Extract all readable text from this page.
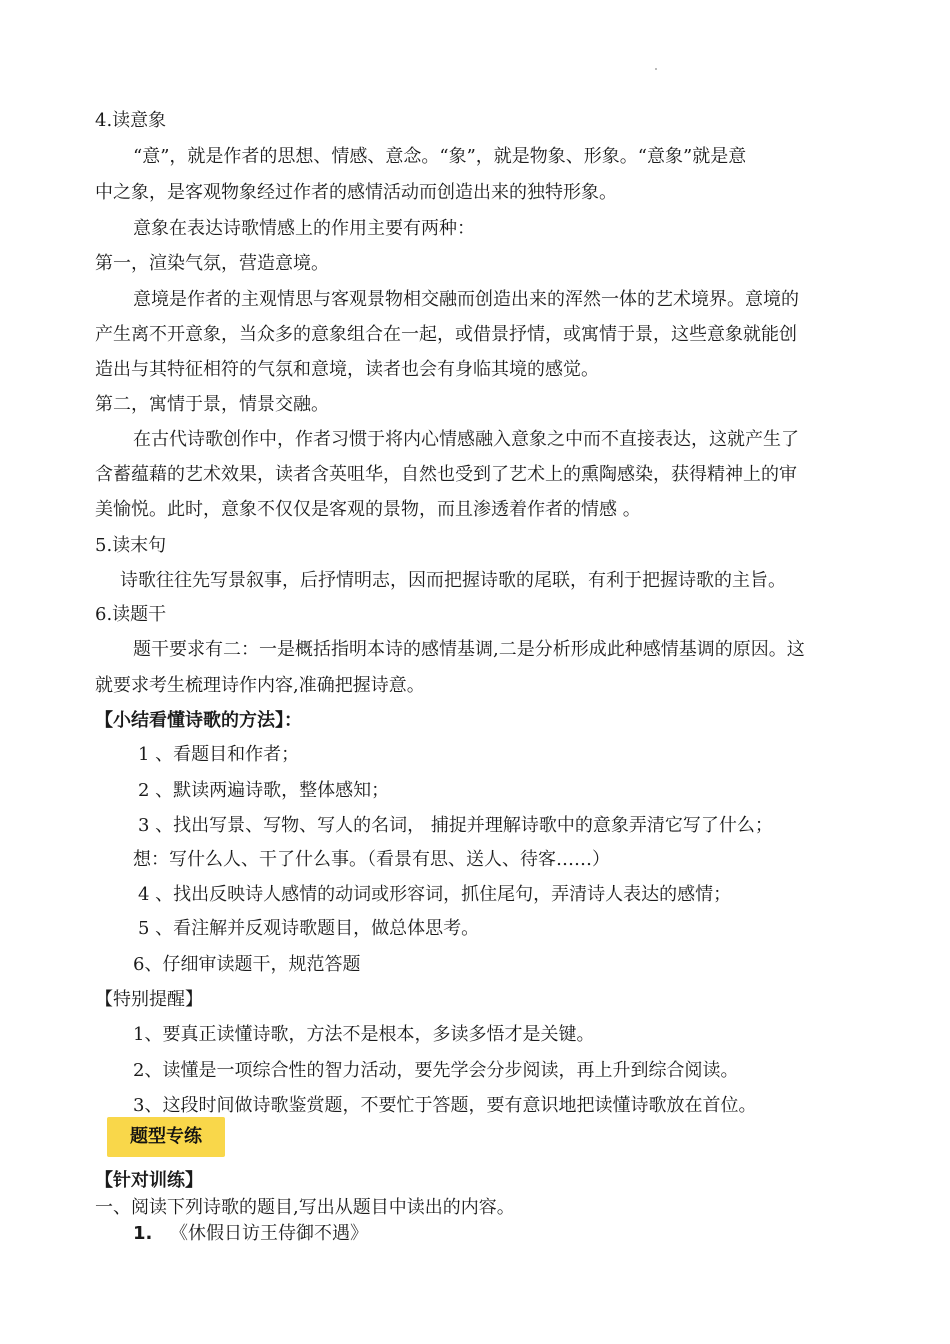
4.读意象
“意”，就是作者的思想、情感、意念。“象”，就是物象、形象。“意象”就是意
中之象，是客观物象经过作者的感情活动而创造出来的独特形象。
意象在表达诗歌情感上的作用主要有两种：
第一，渲染气氛，营造意境。
意境是作者的主观情思与客观景物相交融而创造出来的浑然一体的艺术境界。意境的
产生离不开意象，当众多的意象组合在一起，或借景抒情，或寓情于景，这些意象就能创
造出与其特征相符的气氛和意境，读者也会有身临其境的感觉。
第二，寓情于景，情景交融。
在古代诗歌创作中，作者习惯于将内心情感融入意象之中而不直接表达，这就产生了
含蓄蕴藉的艺术效果，读者含英咀华，自然也受到了艺术上的熏陶感染，获得精神上的审
美愉悦。此时，意象不仅仅是客观的景物，而且渗透着作者的情感 。
5.读末句
诗歌往往先写景叙事，后抒情明志，因而把握诗歌的尾联，有利于把握诗歌的主旨。
6.读题干
题干要求有二：一是概括指明本诗的感情基调,二是分析形成此种感情基调的原因。这
就要求考生梳理诗作内容,准确把握诗意。
【小结看懂诗歌的方法】：
1 、看题目和作者；
2 、默读两遍诗歌，整体感知；
3 、找出写景、写物、写人的名词， 捕捉并理解诗歌中的意象弄清它写了什么；
想：写什么人、干了什么事。（看景有思、送人、待客……）
4 、找出反映诗人感情的动词或形容词，抓住尾句，弄清诗人表达的感情；
5 、看注解并反观诗歌题目，做总体思考。
6、仔细审读题干，规范答题
【特别提醒】
1、要真正读懂诗歌，方法不是根本，多读多悟才是关键。
2、读懂是一项综合性的智力活动，要先学会分步阅读，再上升到综合阅读。
3、这段时间做诗歌鉴赏题，不要忙于答题，要有意识地把读懂诗歌放在首位。
题型专练
【针对训练】
一、阅读下列诗歌的题目,写出从题目中读出的内容。
1. 《休假日访王侍御不遇》
